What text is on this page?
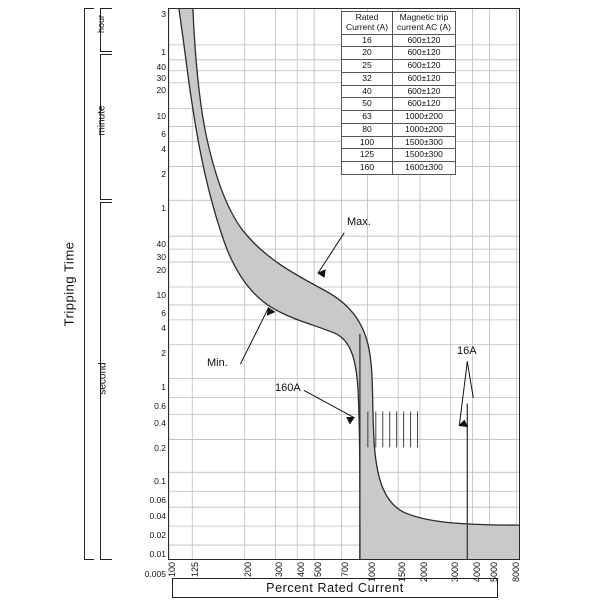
Tripping Time
hour
minute
second
3
1
40
30
20
10
6
4
2
1
40
30
20
10
6
4
2
1
0.6
0.4
0.2
0.1
0.06
0.04
0.02
0.01
0.005
Max.
Min.
160A
16A
Rated
Current (A)

Magnetic trip
current AC (A)

16	600±120
20	600±120
25	600±120
32	600±120
40	600±120
50	600±120
63	1000±200
80	1000±200
100	1500±300
125	1500±300
160	1600±300
100 125	200 300 400 500 700 1000 1500 2000 3000 4000 5000 8000
Percent Rated Current
